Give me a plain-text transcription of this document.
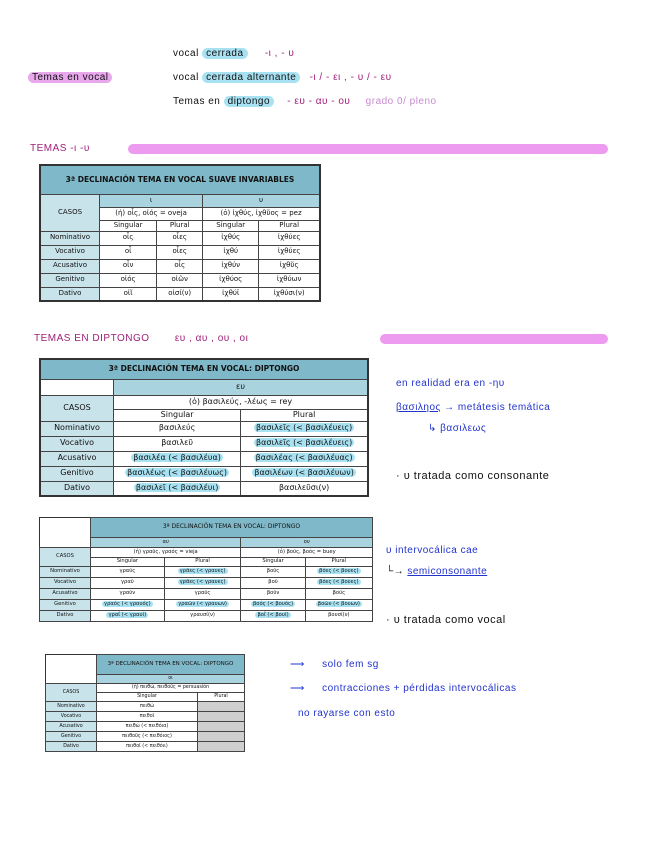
Temas en vocal
vocal cerrada -ι , - υ
vocal cerrada alternante -ι / - ει , - υ / - ευ
Temas en diptongo - ευ - αυ - ου grado 0/ pleno
TEMAS -ι -υ
3ª DECLINACIÓN TEMA EN VOCAL SUAVE INVARIABLES				
CASOS	ι		υ	
	(ἡ) οἶς, οἰός = oveja		(ὁ) ἰχθύς, ἰχθῦος = pez	
	Singular	Plural	Singular	Plural
Nominativo	οἶς	οἶες	ἰχθύς	ἰχθύες
Vocativo	οἶ	οἶες	ἰχθύ	ἰχθύες
Acusativo	οἶν	οἶς	ἰχθύν	ἰχθῦς
Genitivo	οἰός	οἰῶν	ἰχθύος	ἰχθύων
Dativo	οἰῖ	οἰσί(ν)	ἰχθύϊ	ἰχθύσι(ν)
TEMAS EN DIPTONGO	ευ , αυ , ου , οι
3ª DECLINACIÓN TEMA EN VOCAL: DIPTONGO		
	ευ	
CASOS	(ὁ) βασιλεύς, -λέως = rey	
	Singular	Plural
Nominativo	βασιλεύς	βασιλεῖς (< βασιλέυεις)
Vocativo	βασιλεῦ	βασιλεῖς (< βασιλέυεις)
Acusativo	βασιλέα (< βασιλέυα)	βασιλέας (< βασιλέυας)
Genitivo	βασιλέως (< βασιλέυως)	βασιλέων (< βασιλέυων)
Dativo	βασιλεῖ (< βασιλέυι)	βασιλεῦσι(ν)
en realidad era en -ηυ
βασιληος → metátesis temática
↳ βασιλεως
· υ tratada como consonante
	3ª DECLINACIÓN TEMA EN VOCAL: DIPTONGO			
	αυ		ου	
CASOS	(ἡ) γραῦς, γραός = vieja		(ὁ) βοῦς, βοός = buey	
	Singular	Plural	Singular	Plural
Nominativo	γραῦς	γρᾶες (< γραυες)	βοῦς	βόες (< βουες)
Vocativo	γραῦ	γρᾶες (< γραυες)	βοῦ	βόες (< βουες)
Acusativo	γραῦν	γραῦς	βοῦν	βοῦς
Genitivo	γραός (< γραυός)	γραῶν (< γραυων)	βοός (< βουός)	βοῶν (< βουων)
Dativo	γραΐ (< γραυί)	γραυσί(ν)	βοΐ (< βουί)	βουσί(ν)
υ intervocálica cae
└→ semiconsonante
· υ tratada como vocal
	3ª DECLINACIÓN TEMA EN VOCAL: DIPTONGO	
	οι	
CASOS	(ἡ) πειθώ, πειθοῦς = persuasión	
	Singular	Plural
Nominativo	πειθώ	
Vocativo	πειθοῖ	
Acusativo	πειθώ (< πειθόια)	
Genitivo	πειθοῦς (< πειθόιος)	
Dativo	πειθοῖ (< πειθόιι)	
⟶ solo fem sg
⟶ contracciones + pérdidas intervocálicas
no rayarse con esto
